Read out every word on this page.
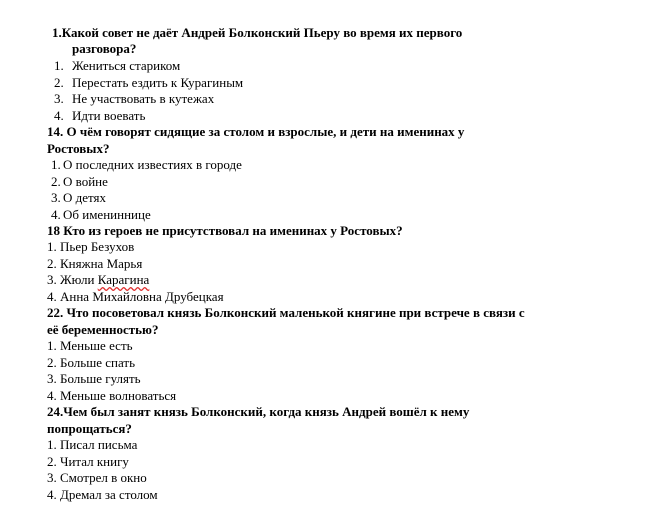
1.Какой совет не даёт Андрей Болконский Пьеру во время их первого
разговора?
1. Жениться стариком
2. Перестать ездить к Курагиным
3. Не участвовать в кутежах
4. Идти воевать
14. О чём говорят сидящие за столом и взрослые, и дети на именинах у
Ростовых?
1. О последних известиях в городе
2. О войне
3. О детях
4. Об имениннице
18 Кто из героев не присутствовал на именинах у Ростовых?
1. Пьер Безухов
2. Княжна Марья
3. Жюли Карагина
4. Анна Михайловна Друбецкая
22. Что посоветовал князь Болконский маленькой княгине при встрече в связи с
её беременностью?
1. Меньше есть
2. Больше спать
3. Больше гулять
4. Меньше волноваться
24.Чем был занят князь Болконский, когда князь Андрей вошёл к нему
попрощаться?
1. Писал письма
2. Читал книгу
3. Смотрел в окно
4. Дремал за столом
